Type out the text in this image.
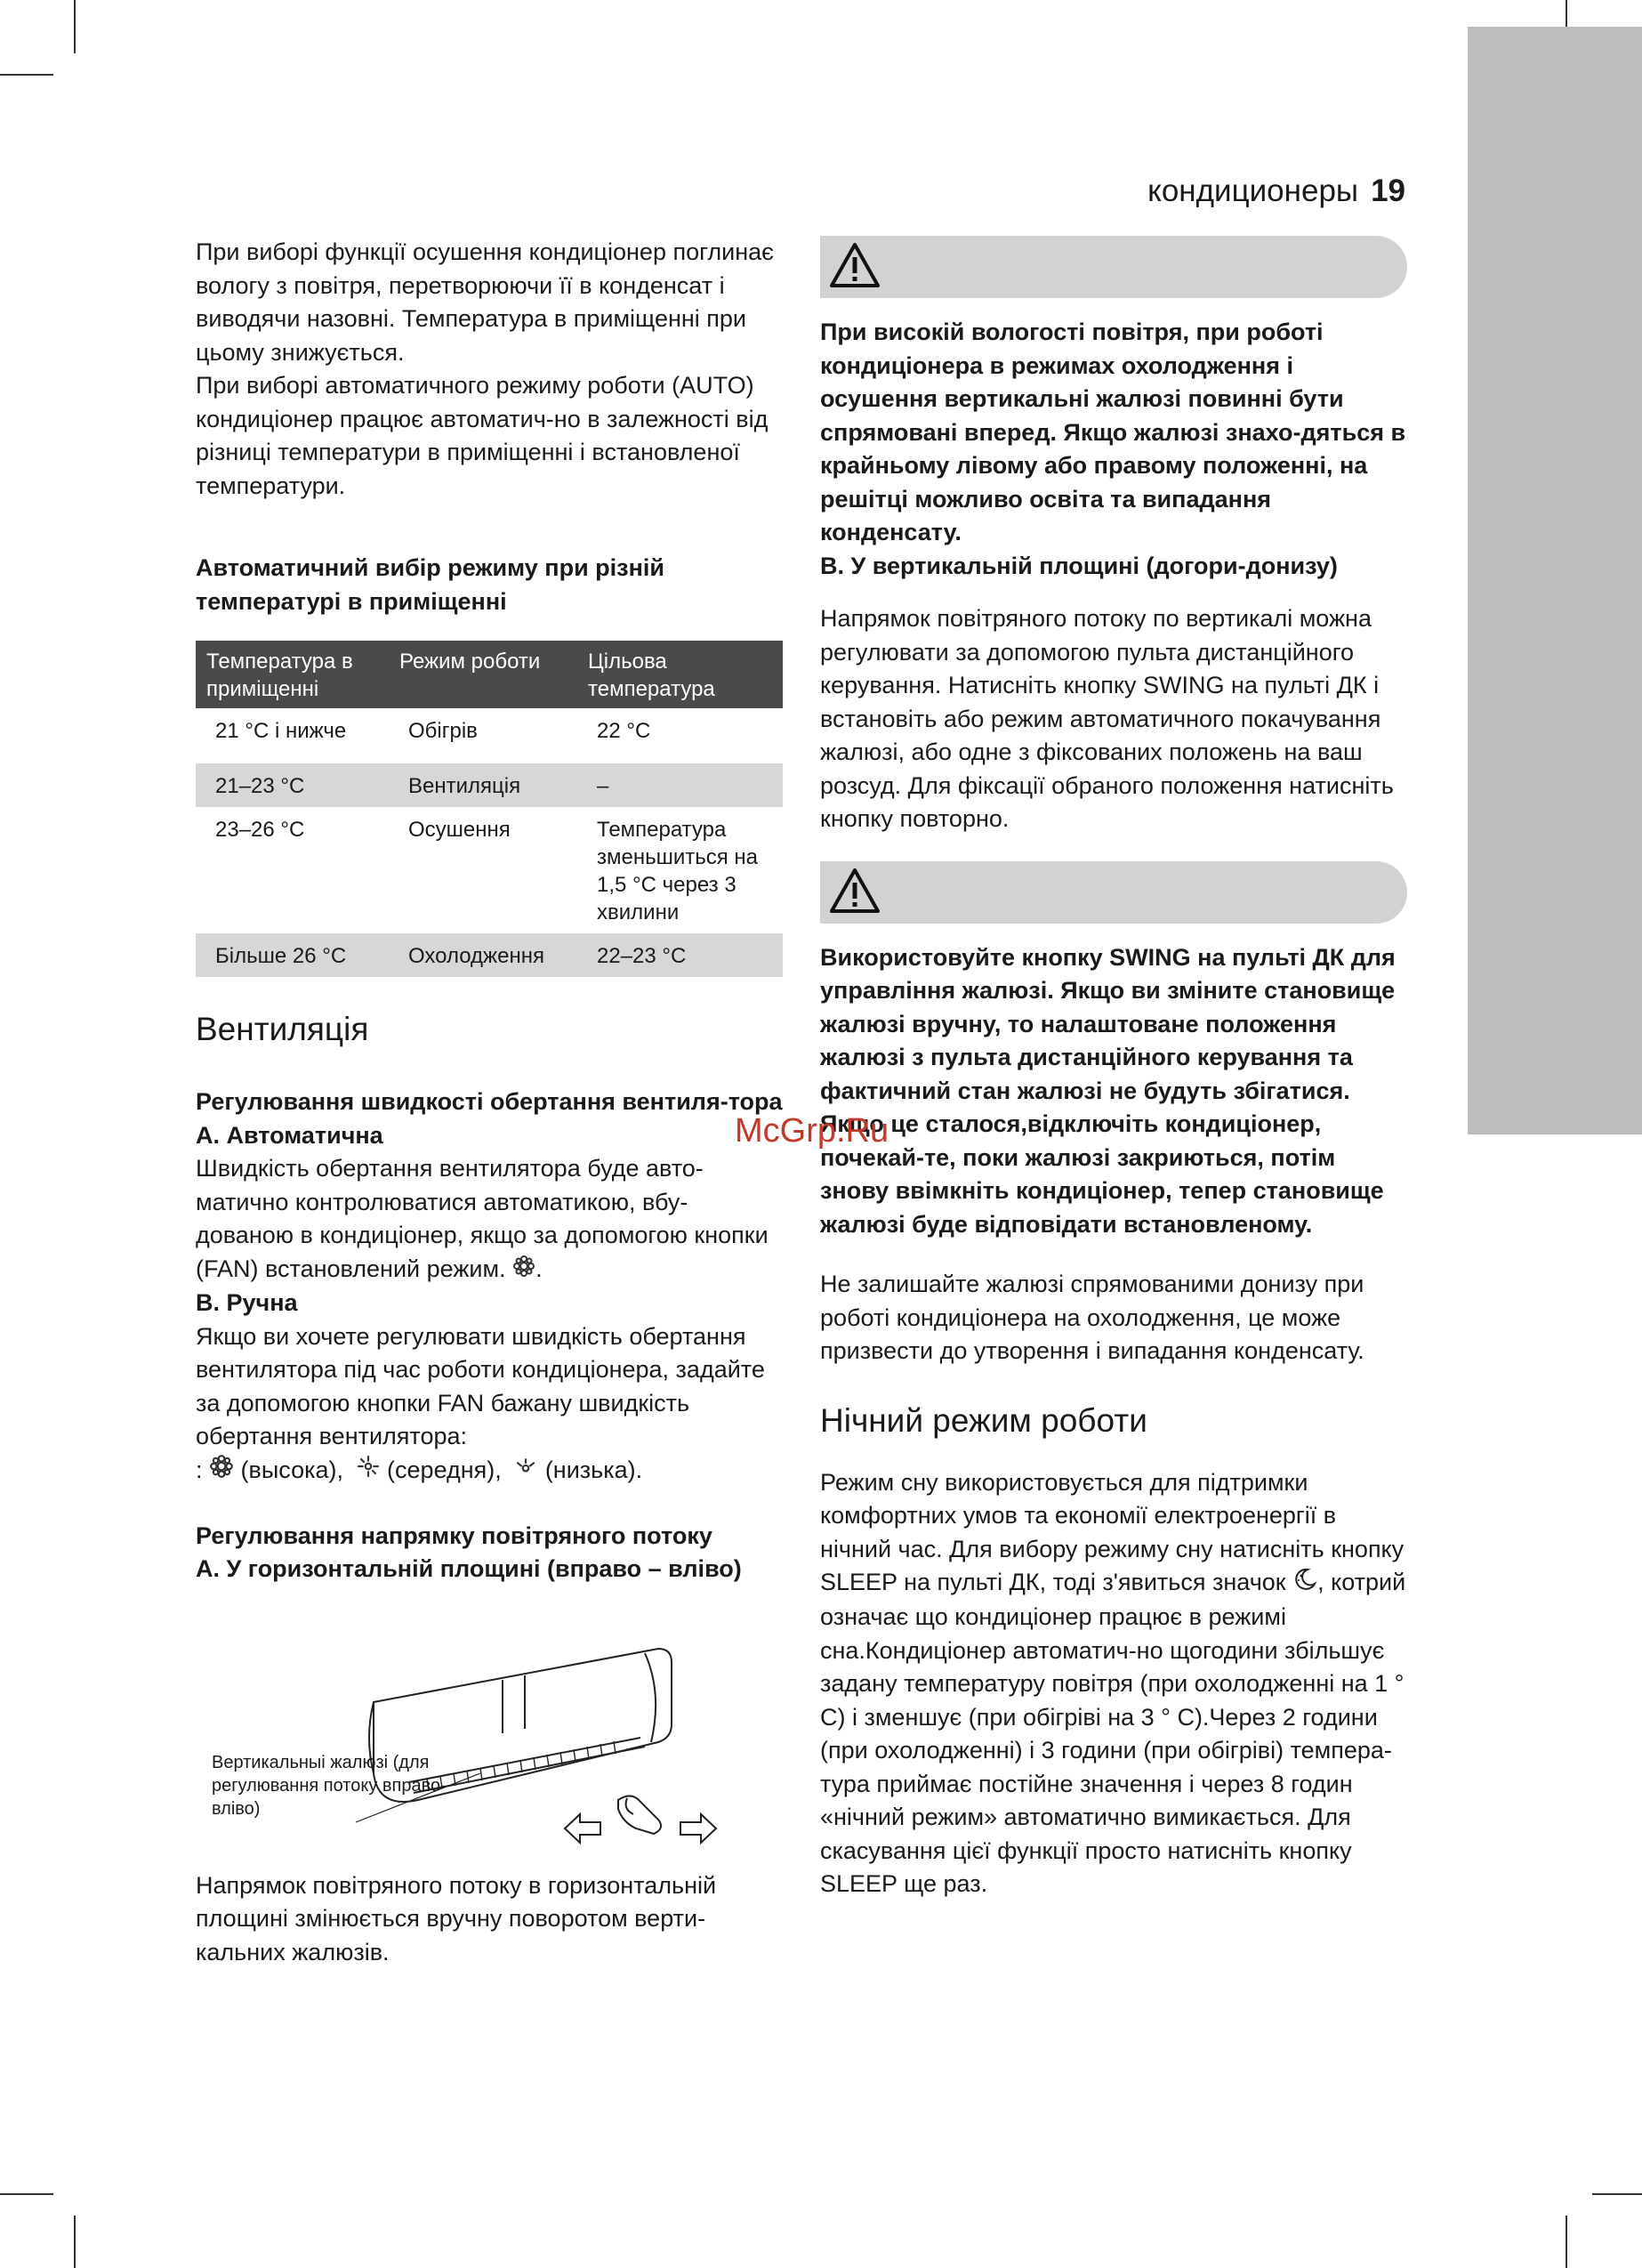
кондиционеры 19

При виборі функції осушення кондиціонер поглинає вологу з повітря, перетворюючи її в конденсат і виводячи назовні. Температура в приміщенні при цьому знижується.
При виборі автоматичного режиму роботи (AUTO) кондиціонер працює автоматич-но в залежності від різниці температури в приміщенні і встановленої температури.

Автоматичний вибір режиму при різній температурі в приміщенні

Температура в приміщенні	Режим роботи	Цільова температура
21 °C і нижче	Обігрів	22 °C
21–23 °C	Вентиляція	–
23–26 °C	Осушення	Температура зменьшиться на 1,5 °C через 3 хвилини
Більше 26 °C	Охолодження	22–23 °C
Вентиляція

Регулювання швидкості обертання вентиля-тора

A. Автоматична

Швидкість обертання вентилятора буде авто-матично контролюватися автоматикою, вбу-дованою в кондиціонер, якщо за допомогою кнопки (FAN) встановлений режим. .

B. Ручна

Якщо ви хочете регулювати швидкість обертання вентилятора під час роботи кондиціонера, задайте за допомогою кнопки FAN бажану швидкість обертання вентилятора:

:  (высока), (середня), (низька).

Регулювання напрямку повітряного потоку

A. У горизонтальній площині (вправо – вліво)

Вертикальныі жалюзі (для регулювання потоку вправо-вліво)

Напрямок повітряного потоку в горизонтальній площині змінюється вручну поворотом верти-кальних жалюзів.

При високій вологості повітря, при роботі кондиціонера в режимах охолодження і осушення вертикальні жалюзі повинні бути спрямовані вперед. Якщо жалюзі знахо-дяться в крайньому лівому або правому положенні, на решітці можливо освіта та випадання конденсату.

B. У вертикальній площині (догори-донизу)

Напрямок повітряного потоку по вертикалі можна регулювати за допомогою пульта дистанційного керування. Натисніть кнопку SWING на пульті ДК і встановіть або режим автоматичного покачування жалюзі, або одне з фіксованих положень на ваш розсуд. Для фіксації обраного положення натисніть кнопку повторно.

Використовуйте кнопку SWING на пульті ДК для управління жалюзі. Якщо ви зміните становище жалюзі вручну, то налаштоване положення жалюзі з пульта дистанційного керування та фактичний стан жалюзі не будуть збігатися. Якщо це сталося,відключіть кондиціонер, почекай-те, поки жалюзі закриються, потім знову ввімкніть кондиціонер, тепер становище жалюзі буде відповідати встановленому.

Не залишайте жалюзі спрямованими донизу при роботі кондиціонера на охолодження, це може призвести до утворення і випадання конденсату.

Нічний режим роботи

Режим сну використовується для підтримки комфортних умов та економії електроенергії в нічний час. Для вибору режиму сну натисніть кнопку SLEEP на пульті ДК, тоді з'явиться значок , котрий означає що кондиціонер працює в режимі сна.Кондиціонер автоматич-но щогодини збільшує задану температуру повітря (при охолодженні на 1 ° C) і зменшує (при обігріві на 3 ° C).Через 2 години (при охолодженні) і 3 години (при обігріві) темпера-тура приймає постійне значення і через 8 годин «нічний режим» автоматично вимикається. Для скасування цієї функції просто натисніть кнопку SLEEP ще раз.

McGrp.Ru
